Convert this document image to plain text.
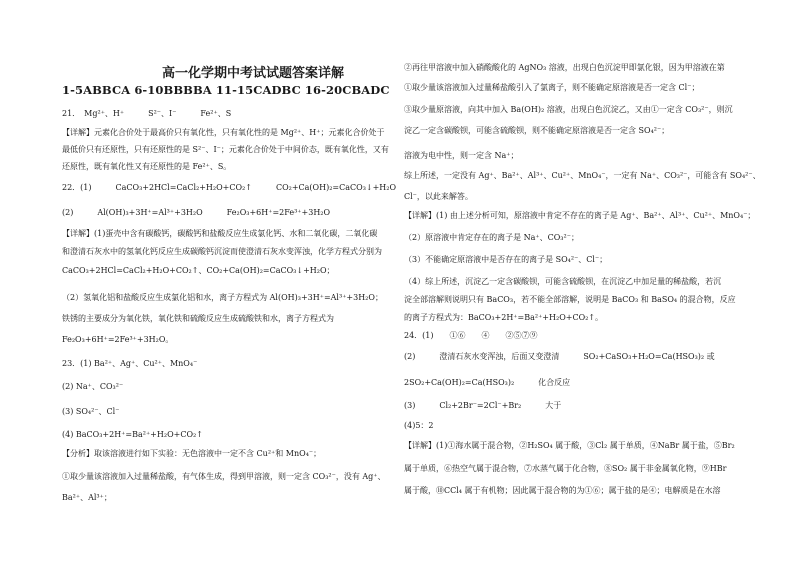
高一化学期中考试试题答案详解
1-5ABBCA 6-10BBBBA 11-15CADBC 16-20CBADC
21．　Mg²⁺、H⁺　　　S²⁻、I⁻　　　Fe²⁺、S
【详解】元素化合价处于最高价只有氧化性，只有氧化性的是 Mg²⁺、H⁺；元素化合价处于
最低价只有还原性，只有还原性的是 S²⁻、I⁻；元素化合价处于中间价态，既有氧化性，又有
还原性，既有氧化性又有还原性的是 Fe²⁺、S。
22．(1)　　　CaCO₃+2HCl=CaCl₂+H₂O+CO₂↑　　　CO₂+Ca(OH)₂=CaCO₃↓+H₂O
(2)　　　Al(OH)₃+3H⁺=Al³⁺+3H₂O　　　Fe₂O₃+6H⁺=2Fe³⁺+3H₂O
【详解】(1)蛋壳中含有碳酸钙，碳酸钙和盐酸反应生成氯化钙、水和二氧化碳，二氧化碳
和澄清石灰水中的氢氧化钙反应生成碳酸钙沉淀而使澄清石灰水变浑浊，化学方程式分别为
CaCO₃+2HCl=CaCl₂+H₂O+CO₂↑、CO₂+Ca(OH)₂=CaCO₃↓+H₂O；
（2）氢氧化铝和盐酸反应生成氯化铝和水，离子方程式为 Al(OH)₃+3H⁺=Al³⁺+3H₂O；
铁锈的主要成分为氧化铁，氧化铁和硫酸反应生成硫酸铁和水，离子方程式为
Fe₂O₃+6H⁺=2Fe³⁺+3H₂O。
23．(1) Ba²⁺、Ag⁺、Cu²⁺、MnO₄⁻
(2) Na⁺、CO₃²⁻
(3) SO₄²⁻、Cl⁻
(4) BaCO₃+2H⁺=Ba²⁺+H₂O+CO₂↑
【分析】取该溶液进行如下实验：无色溶液中一定不含 Cu²⁺和 MnO₄⁻；
①取少量该溶液加入过量稀盐酸，有气体生成，得到甲溶液，则一定含 CO₃²⁻，没有 Ag⁺、
Ba²⁺、Al³⁺；
②再往甲溶液中加入硝酸酸化的 AgNO₃ 溶液，出现白色沉淀甲即氯化银，因为甲溶液在第
①取少量该溶液加入过量稀盐酸引入了氯离子，则不能确定原溶液是否一定含 Cl⁻；
③取少量原溶液，向其中加入 Ba(OH)₂ 溶液，出现白色沉淀乙，又由①一定含 CO₃²⁻，则沉
淀乙一定含碳酸钡，可能含硫酸钡，则不能确定原溶液是否一定含 SO₄²⁻；
溶液为电中性，则一定含 Na⁺；
综上所述，一定没有 Ag⁺、Ba²⁺、Al³⁺、Cu²⁺、MnO₄⁻，一定有 Na⁺、CO₃²⁻，可能含有 SO₄²⁻、
Cl⁻，以此来解答。
【详解】(1) 由上述分析可知，原溶液中肯定不存在的离子是 Ag⁺、Ba²⁺、Al³⁺、Cu²⁺、MnO₄⁻；
（2）原溶液中肯定存在的离子是 Na⁺、CO₃²⁻；
（3）不能确定原溶液中是否存在的离子是 SO₄²⁻、Cl⁻；
（4）综上所述，沉淀乙一定含碳酸钡，可能含硫酸钡，在沉淀乙中加足量的稀盐酸，若沉
淀全部溶解则说明只有 BaCO₃，若不能全部溶解，说明是 BaCO₃ 和 BaSO₄ 的混合物，反应
的离子方程式为：BaCO₃+2H⁺=Ba²⁺+H₂O+CO₂↑。
24．(1)　　①⑥　　④　　②⑤⑦⑨
(2)　　　澄清石灰水变浑浊，后面又变澄清　　　SO₂+CaSO₃+H₂O=Ca(HSO₃)₂ 或
2SO₂+Ca(OH)₂=Ca(HSO₃)₂　　　化合反应
(3)　　　Cl₂+2Br⁻=2Cl⁻+Br₂　　　大于
(4)5：2
【详解】(1)①海水属于混合物，②H₂SO₄ 属于酸，③Cl₂ 属于单质，④NaBr 属于盐，⑤Br₂
属于单质，⑥热空气属于混合物，⑦水蒸气属于化合物，⑧SO₂ 属于非金属氧化物，⑨HBr
属于酸，⑩CCl₄ 属于有机物；因此属于混合物的为①⑥；属于盐的是④；电解质是在水溶
